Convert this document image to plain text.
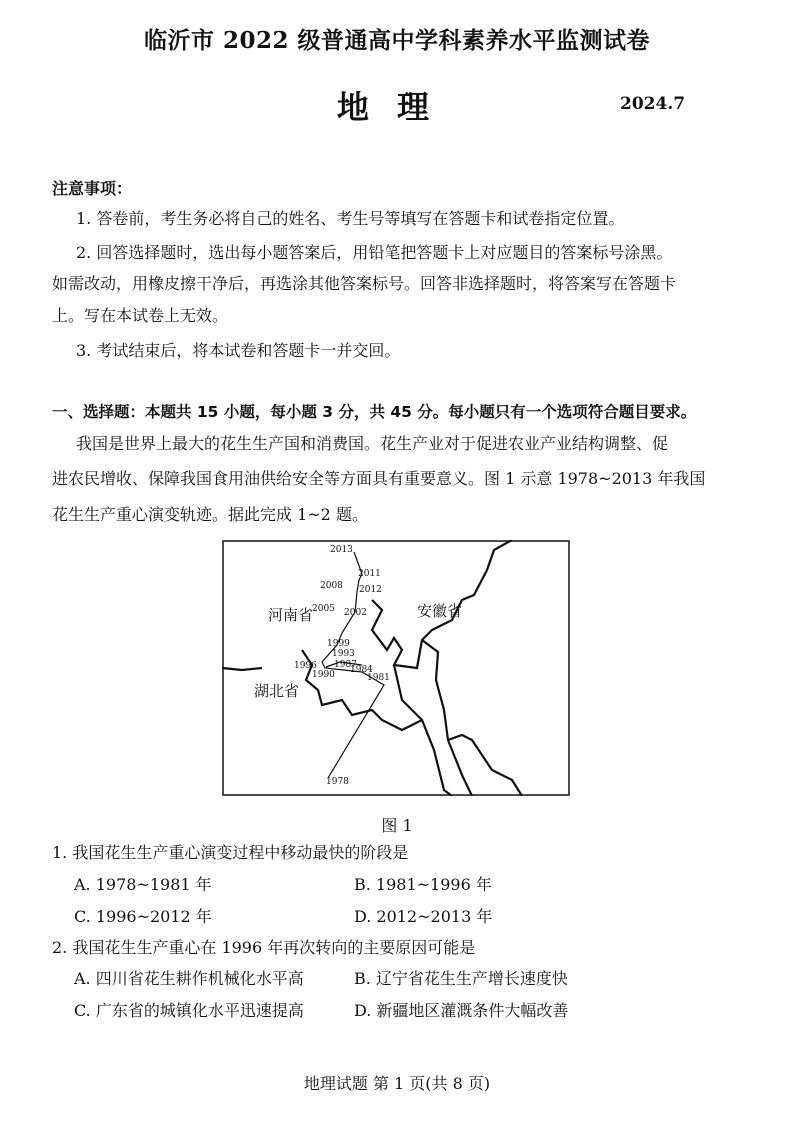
临沂市 2022 级普通高中学科素养水平监测试卷
地理	2024.7
注意事项：
1. 答卷前，考生务必将自己的姓名、考生号等填写在答题卡和试卷指定位置。
2. 回答选择题时，选出每小题答案后，用铅笔把答题卡上对应题目的答案标号涂黑。
如需改动，用橡皮擦干净后，再选涂其他答案标号。回答非选择题时，将答案写在答题卡
上。写在本试卷上无效。
3. 考试结束后，将本试卷和答题卡一并交回。
一、选择题：本题共 15 小题，每小题 3 分，共 45 分。每小题只有一个选项符合题目要求。
我国是世界上最大的花生生产国和消费国。花生产业对于促进农业产业结构调整、促
进农民增收、保障我国食用油供给安全等方面具有重要意义。图 1 示意 1978~2013 年我国
花生生产重心演变轨迹。据此完成 1~2 题。
河南省	安徽省
湖北省
2013
2011
2008 2012
2005 2002
1999
1993
1987
1996	1984
1990	1981
1978
图 1
1. 我国花生生产重心演变过程中移动最快的阶段是
A. 1978~1981 年	B. 1981~1996 年
C. 1996~2012 年	D. 2012~2013 年
2. 我国花生生产重心在 1996 年再次转向的主要原因可能是
A. 四川省花生耕作机械化水平高	B. 辽宁省花生生产增长速度快
C. 广东省的城镇化水平迅速提高	D. 新疆地区灌溉条件大幅改善
地理试题 第 1 页(共 8 页)
